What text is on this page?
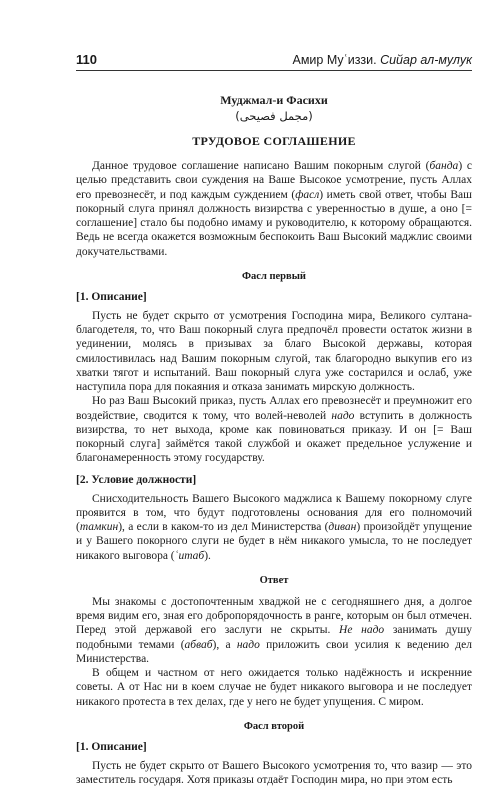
110	Амир Муʿиззи. Сийар ал-мулук
Муджмал-и Фасихи
(مجمل فصيحى)
ТРУДОВОЕ СОГЛАШЕНИЕ

Данное трудовое соглашение написано Вашим покорным слугой (банда) с целью представить свои суждения на Ваше Высокое усмотрение, пусть Аллах его превознесёт, и под каждым суждением (фасл) иметь свой ответ, чтобы Ваш покорный слуга принял должность визирства с уверенностью в душе, а оно [= соглашение] стало бы подобно имаму и руководителю, к которому обращаются. Ведь не всегда окажется возможным беспокоить Ваш Высокий маджлис своими докучательствами.

Фасл первый
[1. Описание]

Пусть не будет скрыто от усмотрения Господина мира, Великого султана-благодетеля, то, что Ваш покорный слуга предпочёл провести остаток жизни в уединении, молясь в призывах за благо Высокой державы, которая смилостивилась над Вашим покорным слугой, так благородно выкупив его из хватки тягот и испытаний. Ваш покорный слуга уже состарился и ослаб, уже наступила пора для покаяния и отказа занимать мирскую должность.

Но раз Ваш Высокий приказ, пусть Аллах его превознесёт и преумножит его воздействие, сводится к тому, что волей-неволей надо вступить в должность визирства, то нет выхода, кроме как повиноваться приказу. И он [= Ваш покорный слуга] займётся такой службой и окажет предельное услужение и благонамеренность этому государству.

[2. Условие должности]

Снисходительность Вашего Высокого маджлиса к Вашему покорному слуге проявится в том, что будут подготовлены основания для его полномочий (тамкин), а если в каком-то из дел Министерства (диван) произойдёт упущение и у Вашего покорного слуги не будет в нём никакого умысла, то не последует никакого выговора (ʿитаб).

Ответ

Мы знакомы с достопочтенным хваджой не с сегодняшнего дня, а долгое время видим его, зная его добропорядочность в ранге, которым он был отмечен. Перед этой державой его заслуги не скрыты. Не надо занимать душу подобными темами (абваб), а надо приложить свои усилия к ведению дел Министерства.

В общем и частном от него ожидается только надёжность и искренние советы. А от Нас ни в коем случае не будет никакого выговора и не последует никакого протеста в тех делах, где у него не будет упущения. С миром.

Фасл второй
[1. Описание]

Пусть не будет скрыто от Вашего Высокого усмотрения то, что вазир — это заместитель государя. Хотя приказы отдаёт Господин мира, но при этом есть
